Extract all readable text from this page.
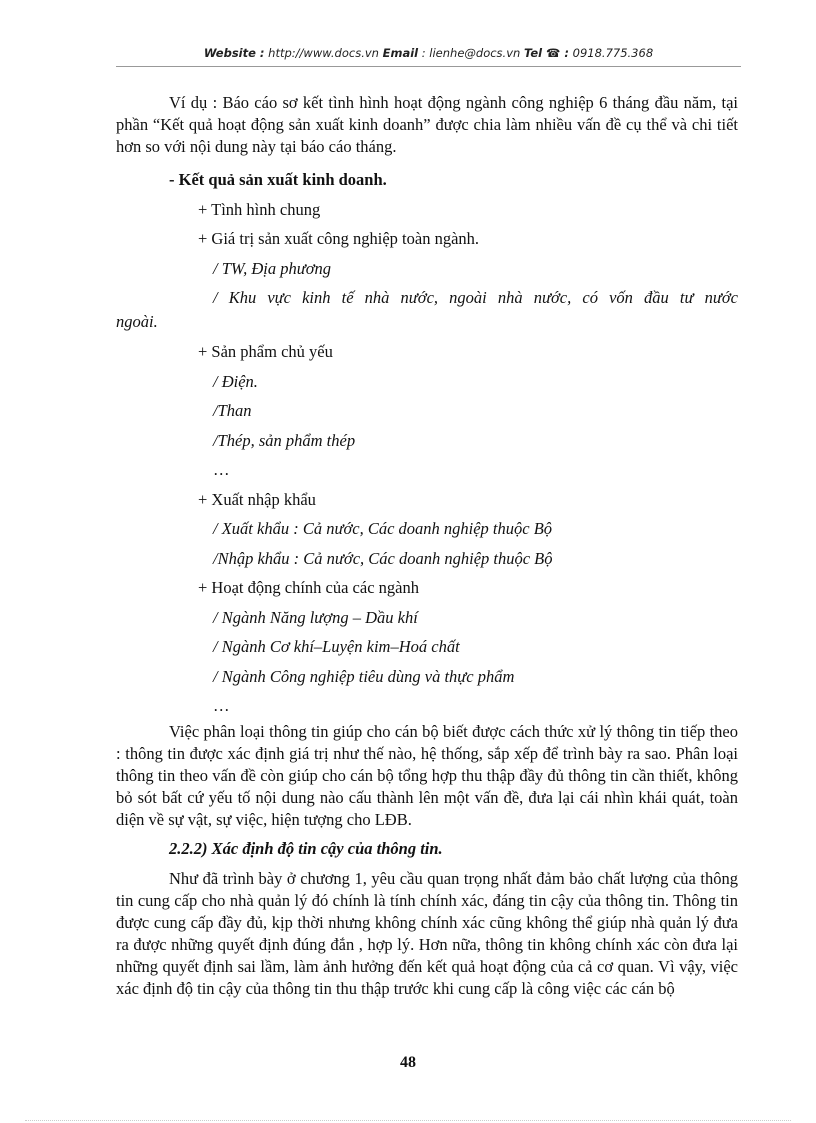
Website : http://www.docs.vn Email : lienhe@docs.vn Tel ☎ : 0918.775.368

Ví dụ : Báo cáo sơ kết tình hình hoạt động ngành công nghiệp 6 tháng đầu năm, tại phần “Kết quả hoạt động sản xuất kinh doanh” được chia làm nhiều vấn đề cụ thể và chi tiết hơn so với nội dung này tại báo cáo tháng.

- Kết quả sản xuất kinh doanh.

+ Tình hình chung

+ Giá trị sản xuất công nghiệp toàn ngành.

/ TW, Địa phương

/ Khu vực kinh tế nhà nước, ngoài nhà nước, có vốn đầu tư nước

ngoài.

+ Sản phẩm chủ yếu

/ Điện.

/Than

/Thép, sản phẩm thép

…

+ Xuất nhập khẩu

/ Xuất khẩu : Cả nước, Các doanh nghiệp thuộc Bộ

/Nhập khẩu : Cả nước, Các doanh nghiệp thuộc Bộ

+ Hoạt động chính của các ngành

/ Ngành Năng lượng – Dầu khí

/ Ngành Cơ khí–Luyện kim–Hoá chất

/ Ngành Công nghiệp tiêu dùng và thực phẩm

…

Việc phân loại thông tin giúp cho cán bộ biết được cách thức xử lý thông tin tiếp theo : thông tin được xác định giá trị như thế nào, hệ thống, sắp xếp để trình bày ra sao. Phân loại thông tin theo vấn đề còn giúp cho cán bộ tổng hợp thu thập đầy đủ thông tin cần thiết, không bỏ sót bất cứ yếu tố nội dung nào cấu thành lên một vấn đề, đưa lại cái nhìn khái quát, toàn diện về sự vật, sự việc, hiện tượng cho LĐB.

2.2.2) Xác định độ tin cậy của thông tin.

Như đã trình bày ở chương 1, yêu cầu quan trọng nhất đảm bảo chất lượng của thông tin cung cấp cho nhà quản lý đó chính là tính chính xác, đáng tin cậy của thông tin. Thông tin được cung cấp đầy đủ, kịp thời nhưng không chính xác cũng không thể giúp nhà quản lý đưa ra được những quyết định đúng đắn , hợp lý. Hơn nữa, thông tin không chính xác còn đưa lại những quyết định sai lầm, làm ảnh hưởng đến kết quả hoạt động của cả cơ quan. Vì vậy, việc xác định độ tin cậy của thông tin thu thập trước khi cung cấp là công việc các cán bộ

48
